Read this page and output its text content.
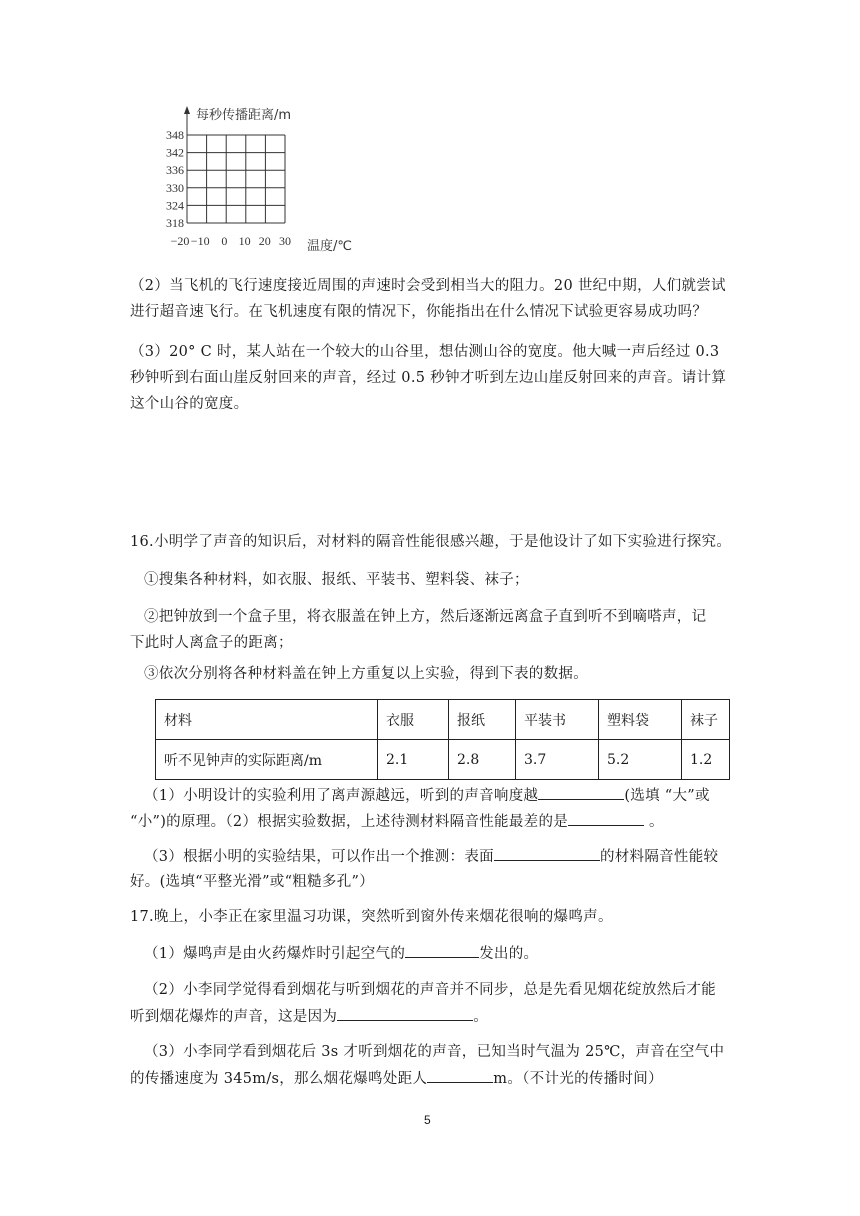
每秒传播距离/m
温度/℃
348
342
336
330
324
318
−20 −10 0 10 20 30
（2）当飞机的飞行速度接近周围的声速时会受到相当大的阻力。20 世纪中期，人们就尝试
进行超音速飞行。在飞机速度有限的情况下，你能指出在什么情况下试验更容易成功吗？
（3）20° C 时，某人站在一个较大的山谷里，想估测山谷的宽度。他大喊一声后经过 0.3
秒钟听到右面山崖反射回来的声音，经过 0.5 秒钟才听到左边山崖反射回来的声音。请计算
这个山谷的宽度。
16.小明学了声音的知识后，对材料的隔音性能很感兴趣，于是他设计了如下实验进行探究。
①搜集各种材料，如衣服、报纸、平装书、塑料袋、袜子；
②把钟放到一个盒子里，将衣服盖在钟上方，然后逐渐远离盒子直到听不到嘀嗒声，记
下此时人离盒子的距离；
③依次分别将各种材料盖在钟上方重复以上实验，得到下表的数据。
材料	衣服	报纸	平装书	塑料袋	袜子
听不见钟声的实际距离/m	2.1	2.8	3.7	5.2	1.2
（1）小明设计的实验利用了离声源越远，听到的声音响度越	(选填 “大”或
“小”)的原理。（2）根据实验数据，上述待测材料隔音性能最差的是	。
（3）根据小明的实验结果，可以作出一个推测：表面	的材料隔音性能较
好。(选填“平整光滑”或“粗糙多孔”）
17.晚上，小李正在家里温习功课，突然听到窗外传来烟花很响的爆鸣声。
（1）爆鸣声是由火药爆炸时引起空气的	发出的。
（2）小李同学觉得看到烟花与听到烟花的声音并不同步，总是先看见烟花绽放然后才能
听到烟花爆炸的声音，这是因为	。
（3）小李同学看到烟花后 3s 才听到烟花的声音，已知当时气温为 25℃，声音在空气中
的传播速度为 345m/s，那么烟花爆鸣处距人	m。（不计光的传播时间）
5
